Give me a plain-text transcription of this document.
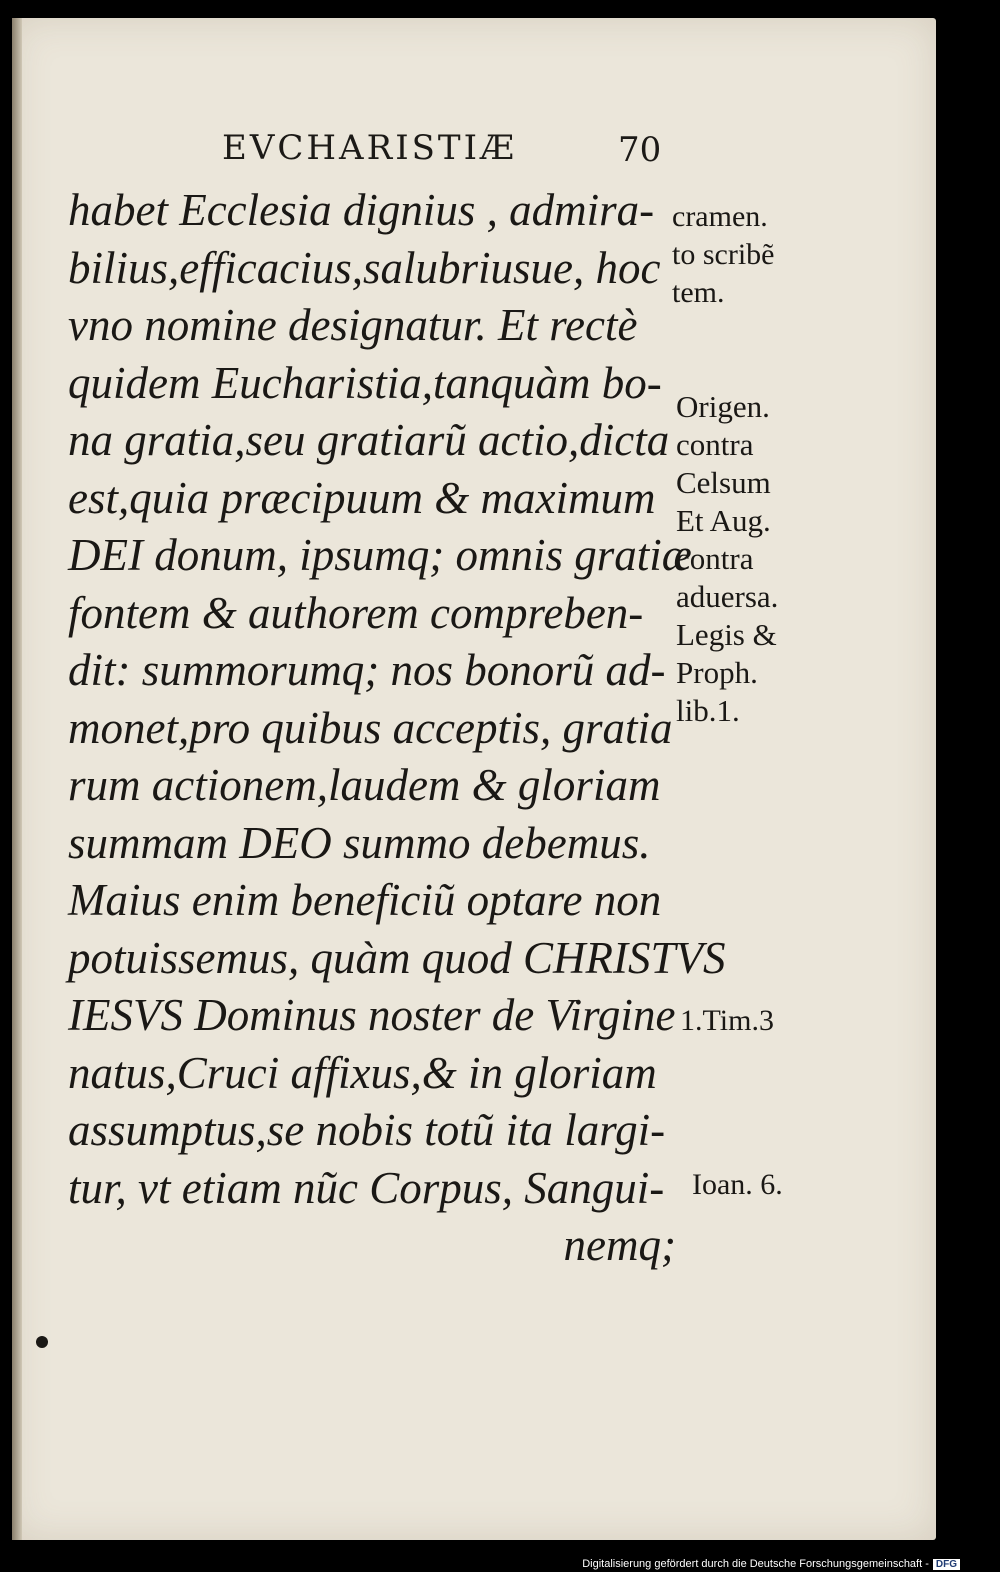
EVCHARISTIÆ	70
habet Ecclesia dignius , admira-
bilius,efficacius,salubriusue, hoc
vno nomine designatur. Et rectè
quidem Eucharistia,tanquàm bo-
na gratia,seu gratiarũ actio,dicta
est,quia præcipuum & maximum
DEI donum, ipsumq; omnis gratiæ
fontem & authorem compreben-
dit: summorumq; nos bonorũ ad-
monet,pro quibus acceptis, gratia
rum actionem,laudem & gloriam
summam DEO summo debemus.
Maius enim beneficiũ optare non
potuissemus, quàm quod CHRISTVS
IESVS Dominus noster de Virgine
natus,Cruci affixus,& in gloriam
assumptus,se nobis totũ ita largi-
tur, vt etiam nũc Corpus, Sangui-
nemq;
cramen.
to scribẽ
tem.
Origen.
contra
Celsum
Et Aug.
contra
aduersa.
Legis &
Proph.
lib.1.
1.Tim.3
Ioan. 6.
Digitalisierung gefördert durch die Deutsche Forschungsgemeinschaft - DFG
